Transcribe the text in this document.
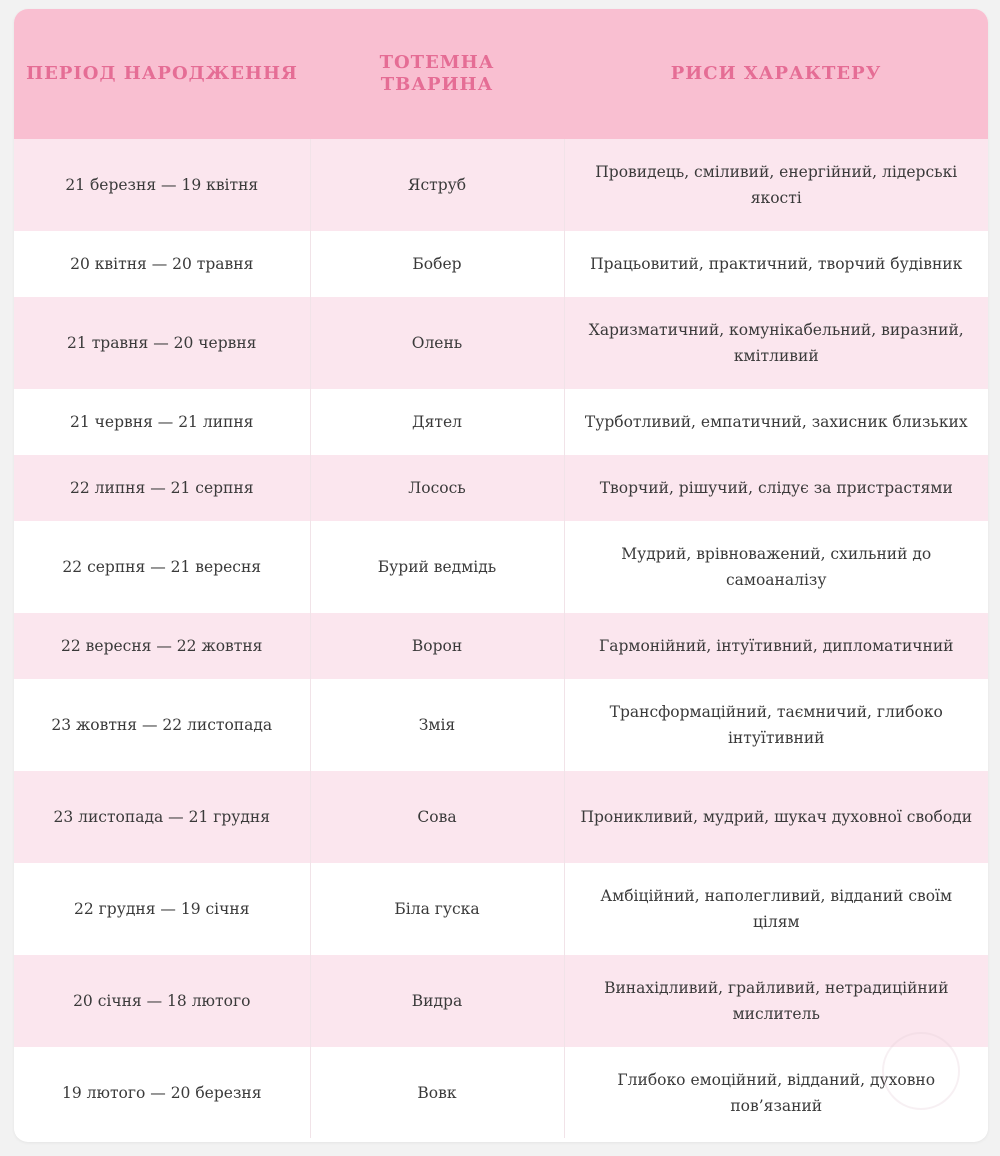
ПЕРІОД НАРОДЖЕННЯ	ТОТЕМНА ТВАРИНА	РИСИ ХАРАКТЕРУ
21 березня — 19 квітня	Яструб	Провидець, сміливий, енергійний, лідерські якості
20 квітня — 20 травня	Бобер	Працьовитий, практичний, творчий будівник
21 травня — 20 червня	Олень	Харизматичний, комунікабельний, виразний, кмітливий
21 червня — 21 липня	Дятел	Турботливий, емпатичний, захисник близьких
22 липня — 21 серпня	Лосось	Творчий, рішучий, слідує за пристрастями
22 серпня — 21 вересня	Бурий ведмідь	Мудрий, врівноважений, схильний до самоаналізу
22 вересня — 22 жовтня	Ворон	Гармонійний, інтуїтивний, дипломатичний
23 жовтня — 22 листопада	Змія	Трансформаційний, таємничий, глибоко інтуїтивний
23 листопада — 21 грудня	Сова	Проникливий, мудрий, шукач духовної свободи
22 грудня — 19 січня	Біла гуска	Амбіційний, наполегливий, відданий своїм цілям
20 січня — 18 лютого	Видра	Винахідливий, грайливий, нетрадиційний мислитель
19 лютого — 20 березня	Вовк	Глибоко емоційний, відданий, духовно пов’язаний
